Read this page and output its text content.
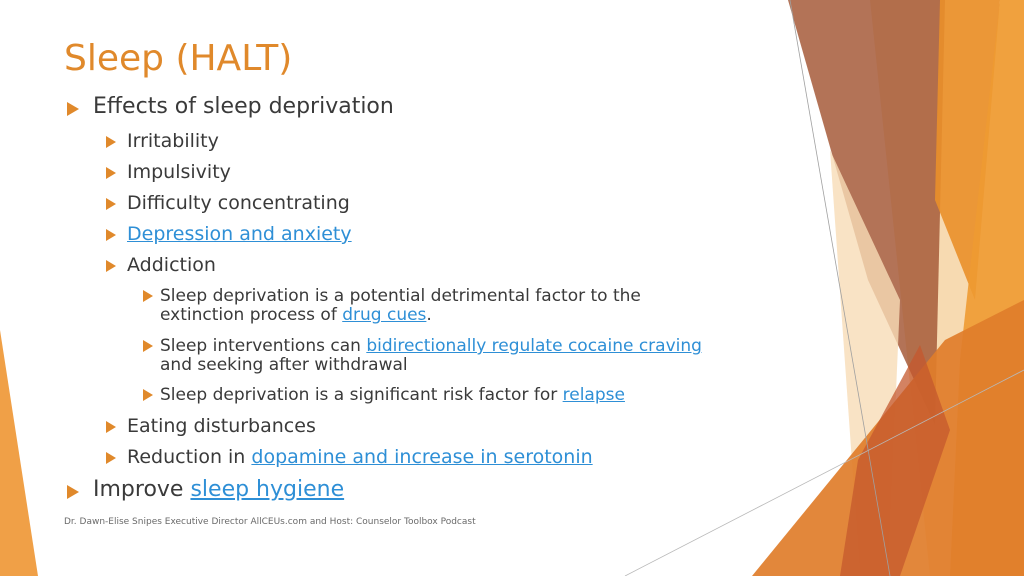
Sleep (HALT)
Effects of sleep deprivation
Irritability
Impulsivity
Difficulty concentrating
Depression and anxiety
Addiction
Sleep deprivation is a potential detrimental factor to the
extinction process of drug cues.
Sleep interventions can bidirectionally regulate cocaine craving
and seeking after withdrawal
Sleep deprivation is a significant risk factor for relapse
Eating disturbances
Reduction in dopamine and increase in serotonin
Improve sleep hygiene
Dr. Dawn-Elise Snipes Executive Director AllCEUs.com and Host: Counselor Toolbox Podcast
